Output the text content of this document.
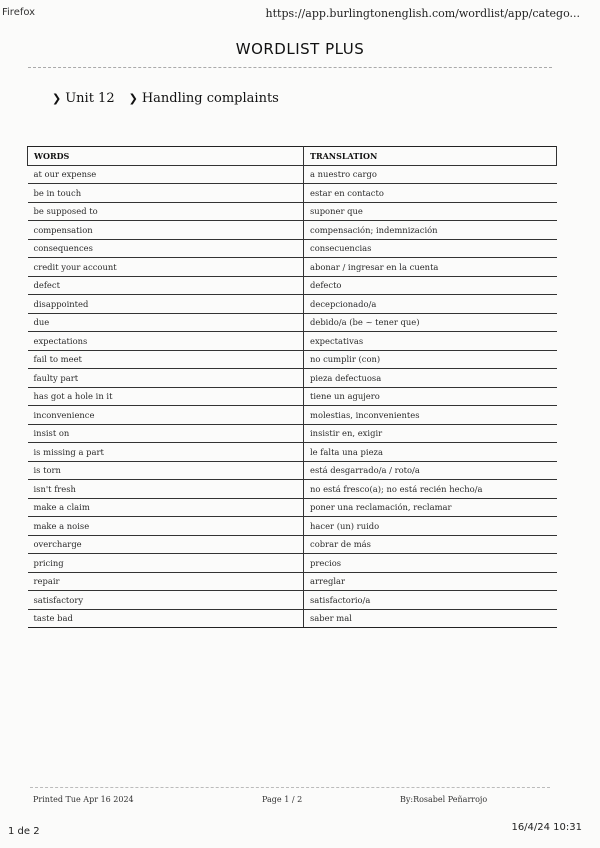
Firefox	https://app.burlingtonenglish.com/wordlist/app/catego...
WORDLIST PLUS
❯ Unit 12 ❯ Handling complaints
WORDS	TRANSLATION
at our expense	a nuestro cargo
be in touch	estar en contacto
be supposed to	suponer que
compensation	compensación; indemnización
consequences	consecuencias
credit your account	abonar / ingresar en la cuenta
defect	defecto
disappointed	decepcionado/a
due	debido/a (be ~ tener que)
expectations	expectativas
fail to meet	no cumplir (con)
faulty part	pieza defectuosa
has got a hole in it	tiene un agujero
inconvenience	molestias, inconvenientes
insist on	insistir en, exigir
is missing a part	le falta una pieza
is torn	está desgarrado/a / roto/a
isn't fresh	no está fresco(a); no está recién hecho/a
make a claim	poner una reclamación, reclamar
make a noise	hacer (un) ruido
overcharge	cobrar de más
pricing	precios
repair	arreglar
satisfactory	satisfactorio/a
taste bad	saber mal
Printed Tue Apr 16 2024	Page 1 / 2	By:Rosabel Peñarrojo
1 de 2	16/4/24 10:31
